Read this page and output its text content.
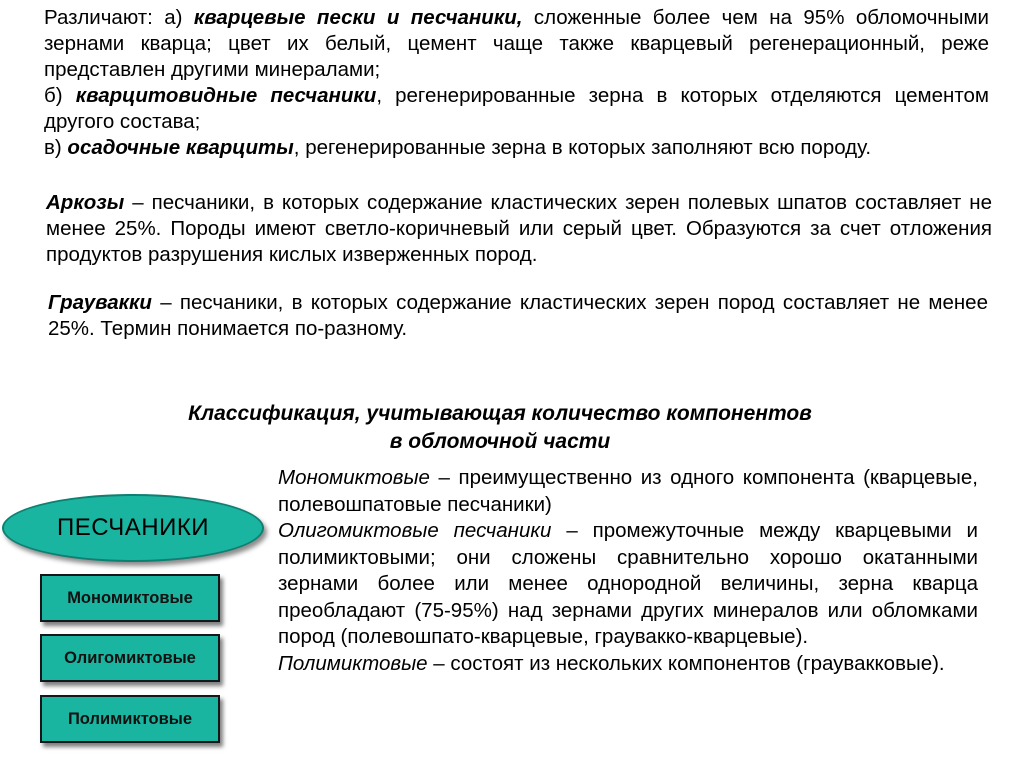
Различают: а) кварцевые пески и песчаники, сложенные более чем на 95% обломочными зернами кварца; цвет их белый, цемент чаще также кварцевый регенерационный, реже представлен другими минералами;
б) кварцитовидные песчаники, регенерированные зерна в которых отделяются цементом другого состава;
в) осадочные кварциты, регенерированные зерна в которых заполняют всю породу.
Аркозы – песчаники, в которых содержание кластических зерен полевых шпатов составляет не менее 25%. Породы имеют светло-коричневый или серый цвет. Образуются за счет отложения продуктов разрушения кислых изверженных пород.
Граувакки – песчаники, в которых содержание кластических зерен пород составляет не менее 25%. Термин понимается по-разному.
Классификация, учитывающая количество компонентов
в обломочной части
Мономиктовые – преимущественно из одного компонента (кварцевые, полевошпатовые песчаники)
Олигомиктовые песчаники – промежуточные между кварцевыми и полимиктовыми; они сложены сравнительно хорошо окатанными зернами более или менее однородной величины, зерна кварца преобладают (75-95%) над зернами других минералов или обломками пород (полевошпато-кварцевые, граувакко-кварцевые).
Полимиктовые – состоят из нескольких компонентов (граувакковые).
ПЕСЧАНИКИ
Мономиктовые
Олигомиктовые
Полимиктовые
